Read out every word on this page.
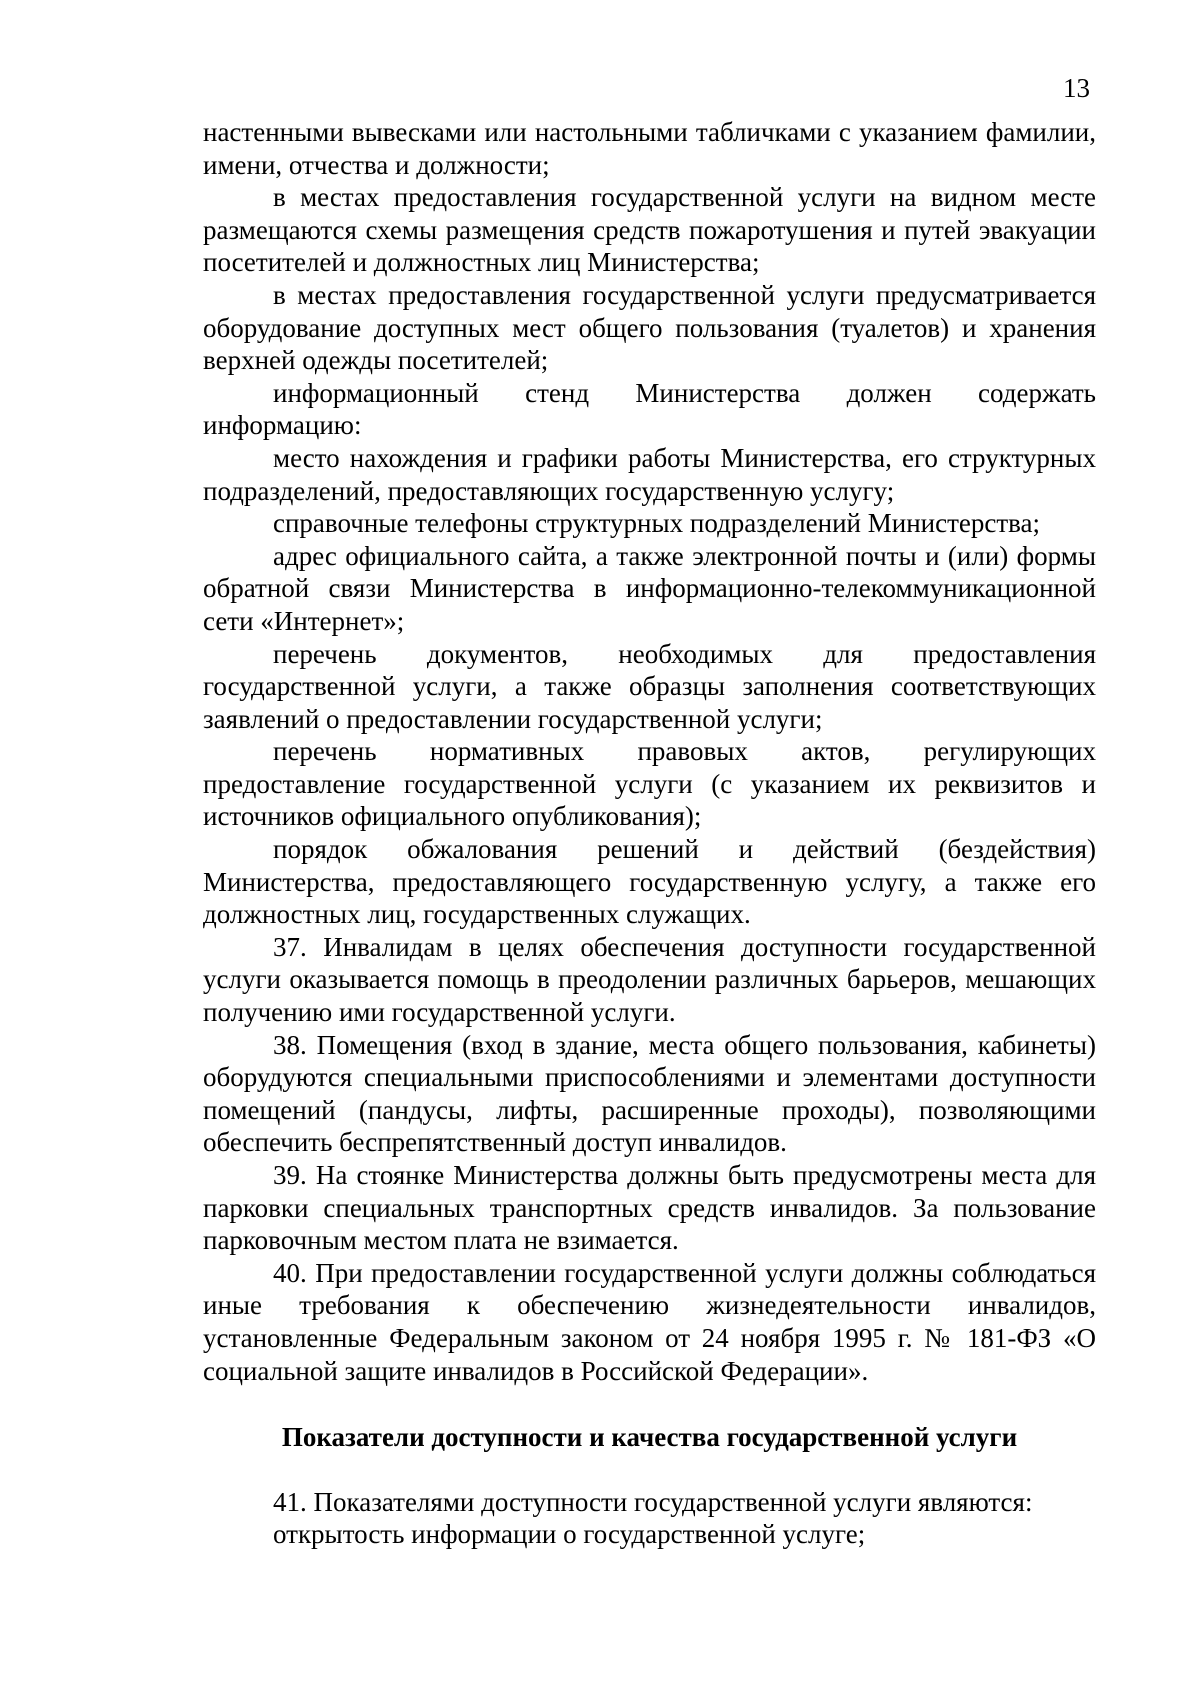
13

настенными вывесками или настольными табличками с указанием фамилии, имени, отчества и должности;

в местах предоставления государственной услуги на видном месте размещаются схемы размещения средств пожаротушения и путей эвакуации посетителей и должностных лиц Министерства;

в местах предоставления государственной услуги предусматривается оборудование доступных мест общего пользования (туалетов) и хранения верхней одежды посетителей;

информационный стенд Министерства должен содержать информацию:

место нахождения и графики работы Министерства, его структурных подразделений, предоставляющих государственную услугу;

справочные телефоны структурных подразделений Министерства;

адрес официального сайта, а также электронной почты и (или) формы обратной связи Министерства в информационно-телекоммуникационной сети «Интернет»;

перечень документов, необходимых для предоставления государственной услуги, а также образцы заполнения соответствующих заявлений о предоставлении государственной услуги;

перечень нормативных правовых актов, регулирующих предоставление государственной услуги (с указанием их реквизитов и источников официального опубликования);

порядок обжалования решений и действий (бездействия) Министерства, предоставляющего государственную услугу, а также его должностных лиц, государственных служащих.

37. Инвалидам в целях обеспечения доступности государственной услуги оказывается помощь в преодолении различных барьеров, мешающих получению ими государственной услуги.

38. Помещения (вход в здание, места общего пользования, кабинеты) оборудуются специальными приспособлениями и элементами доступности помещений (пандусы, лифты, расширенные проходы), позволяющими обеспечить беспрепятственный доступ инвалидов.

39. На стоянке Министерства должны быть предусмотрены места для парковки специальных транспортных средств инвалидов. За пользование парковочным местом плата не взимается.

40. При предоставлении государственной услуги должны соблюдаться иные требования к обеспечению жизнедеятельности инвалидов, установленные Федеральным законом от 24 ноября 1995 г. № 181-ФЗ «О социальной защите инвалидов в Российской Федерации».

Показатели доступности и качества государственной услуги

41. Показателями доступности государственной услуги являются:

открытость информации о государственной услуге;
